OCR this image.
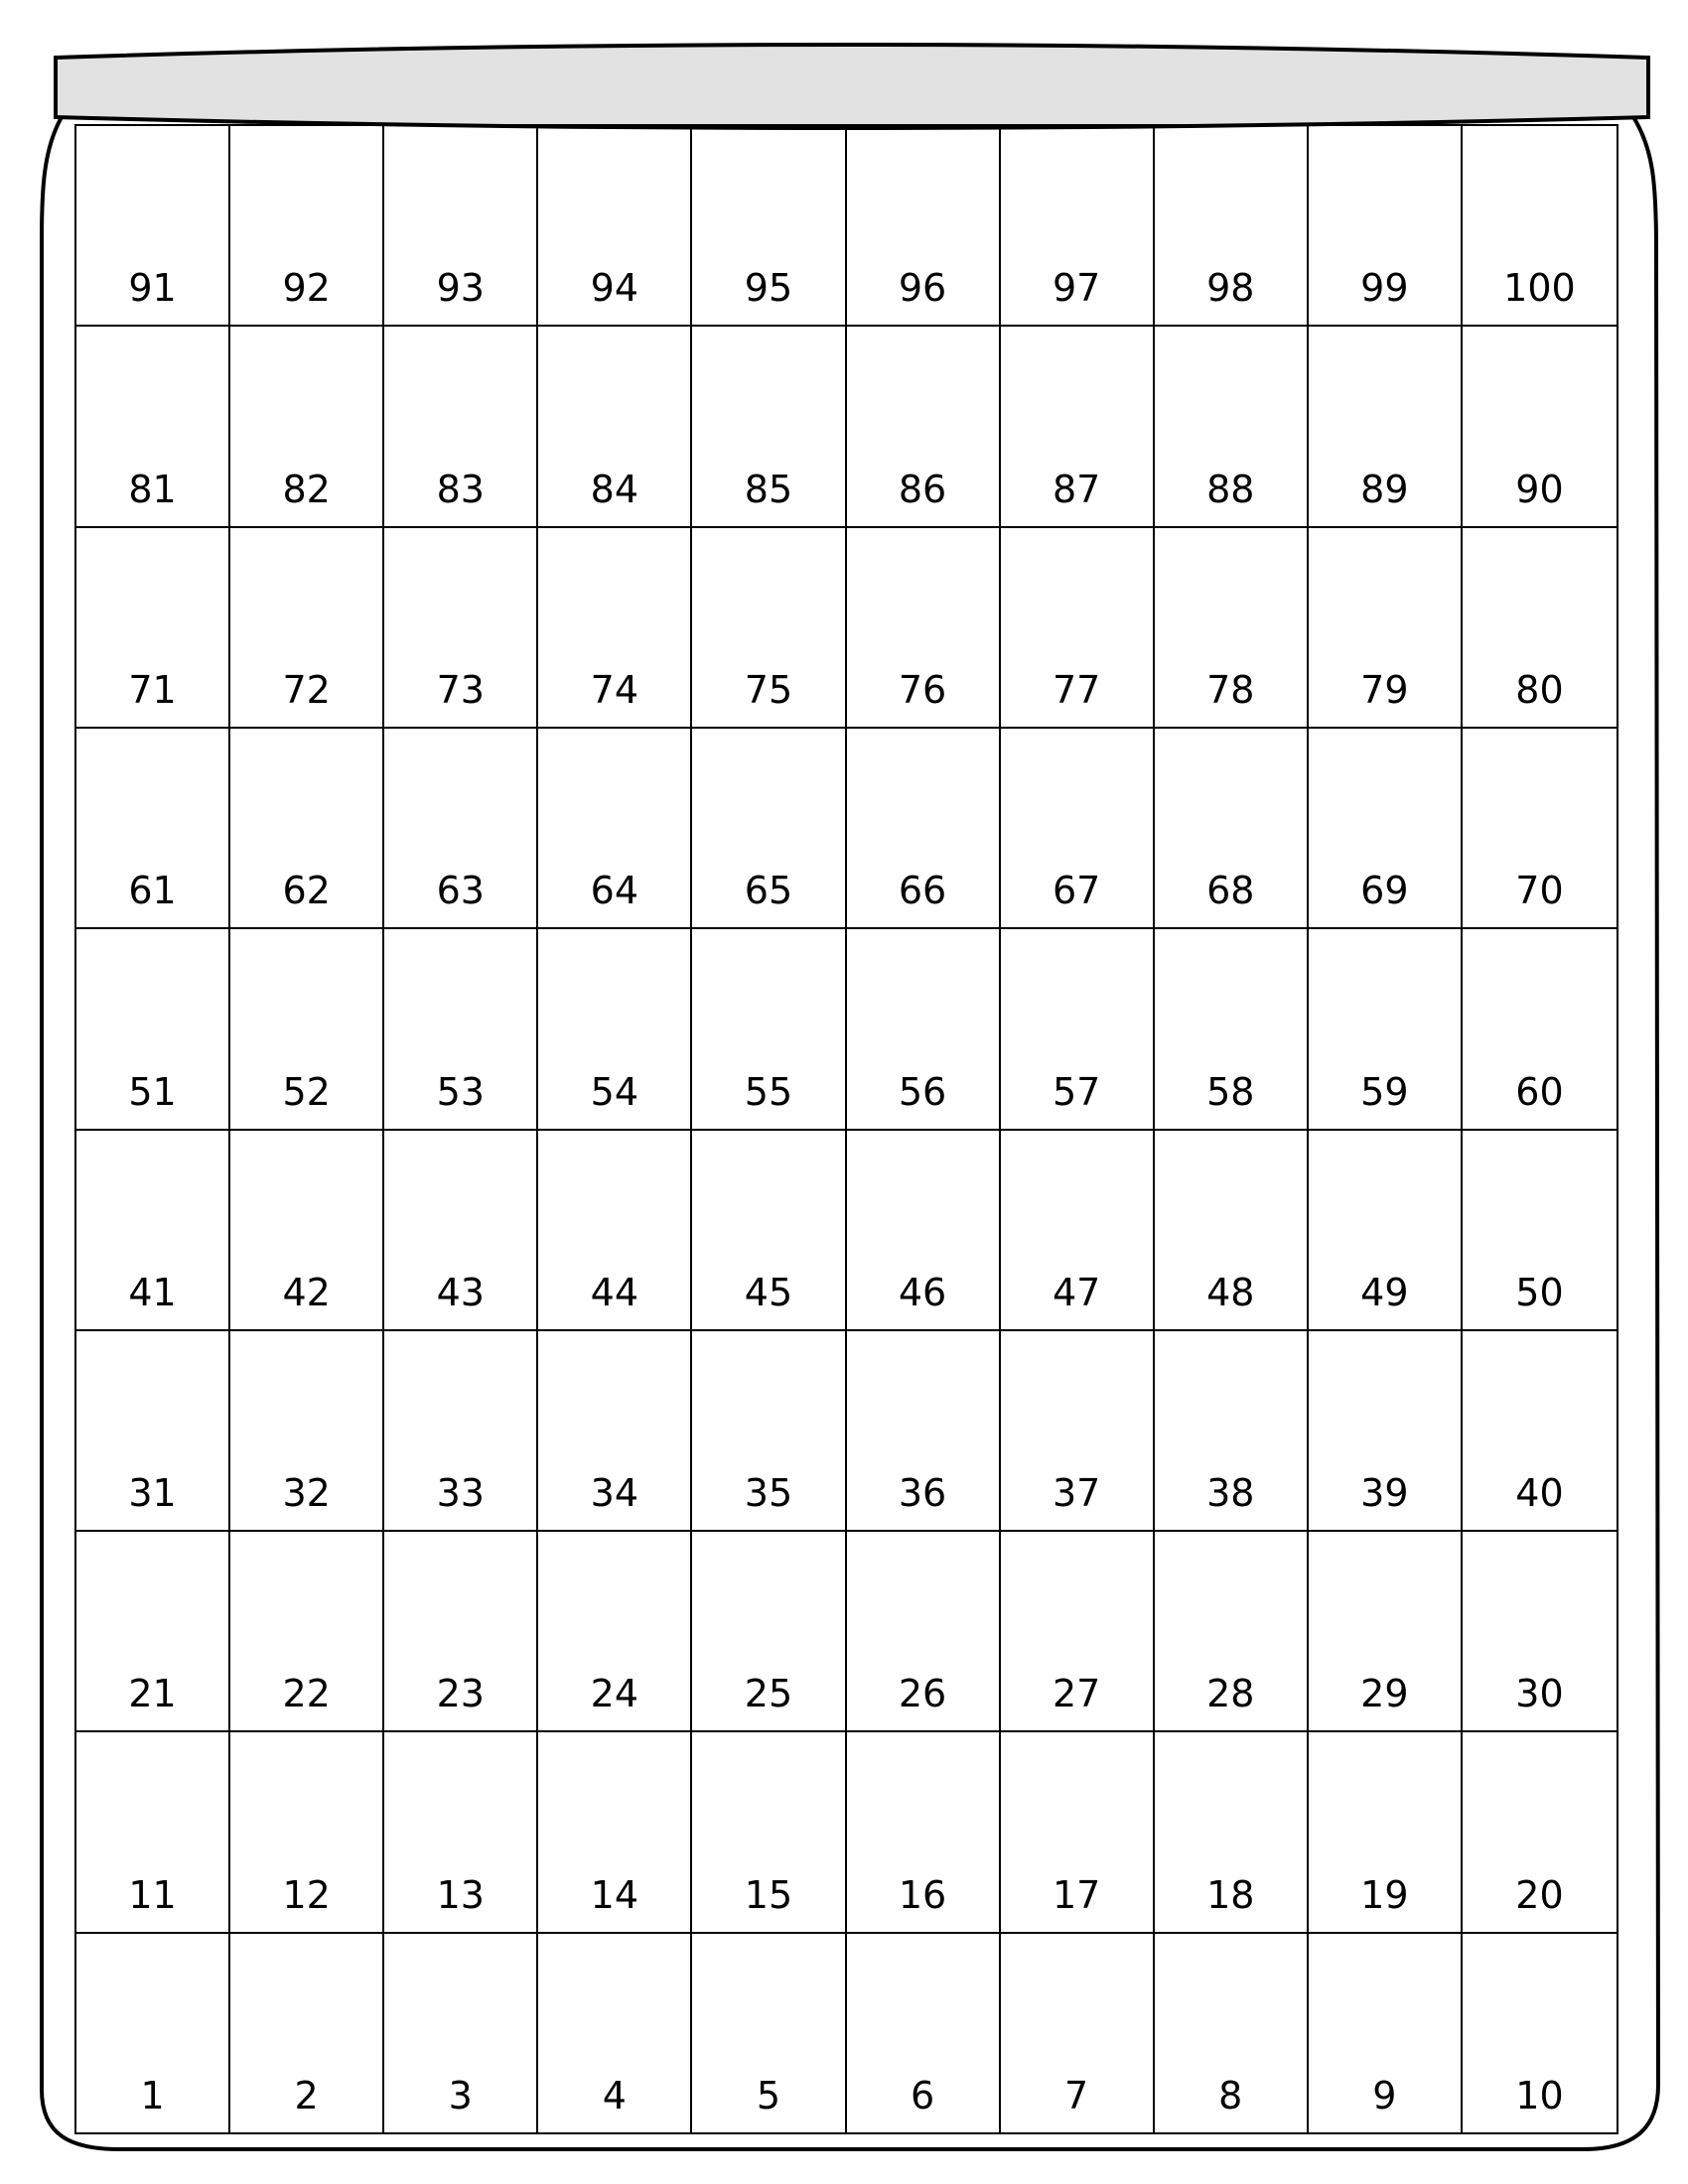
91	92	93	94	95	96	97	98	99	100
81	82	83	84	85	86	87	88	89	90
71	72	73	74	75	76	77	78	79	80
61	62	63	64	65	66	67	68	69	70
51	52	53	54	55	56	57	58	59	60
41	42	43	44	45	46	47	48	49	50
31	32	33	34	35	36	37	38	39	40
21	22	23	24	25	26	27	28	29	30
11	12	13	14	15	16	17	18	19	20
1	2	3	4	5	6	7	8	9	10
